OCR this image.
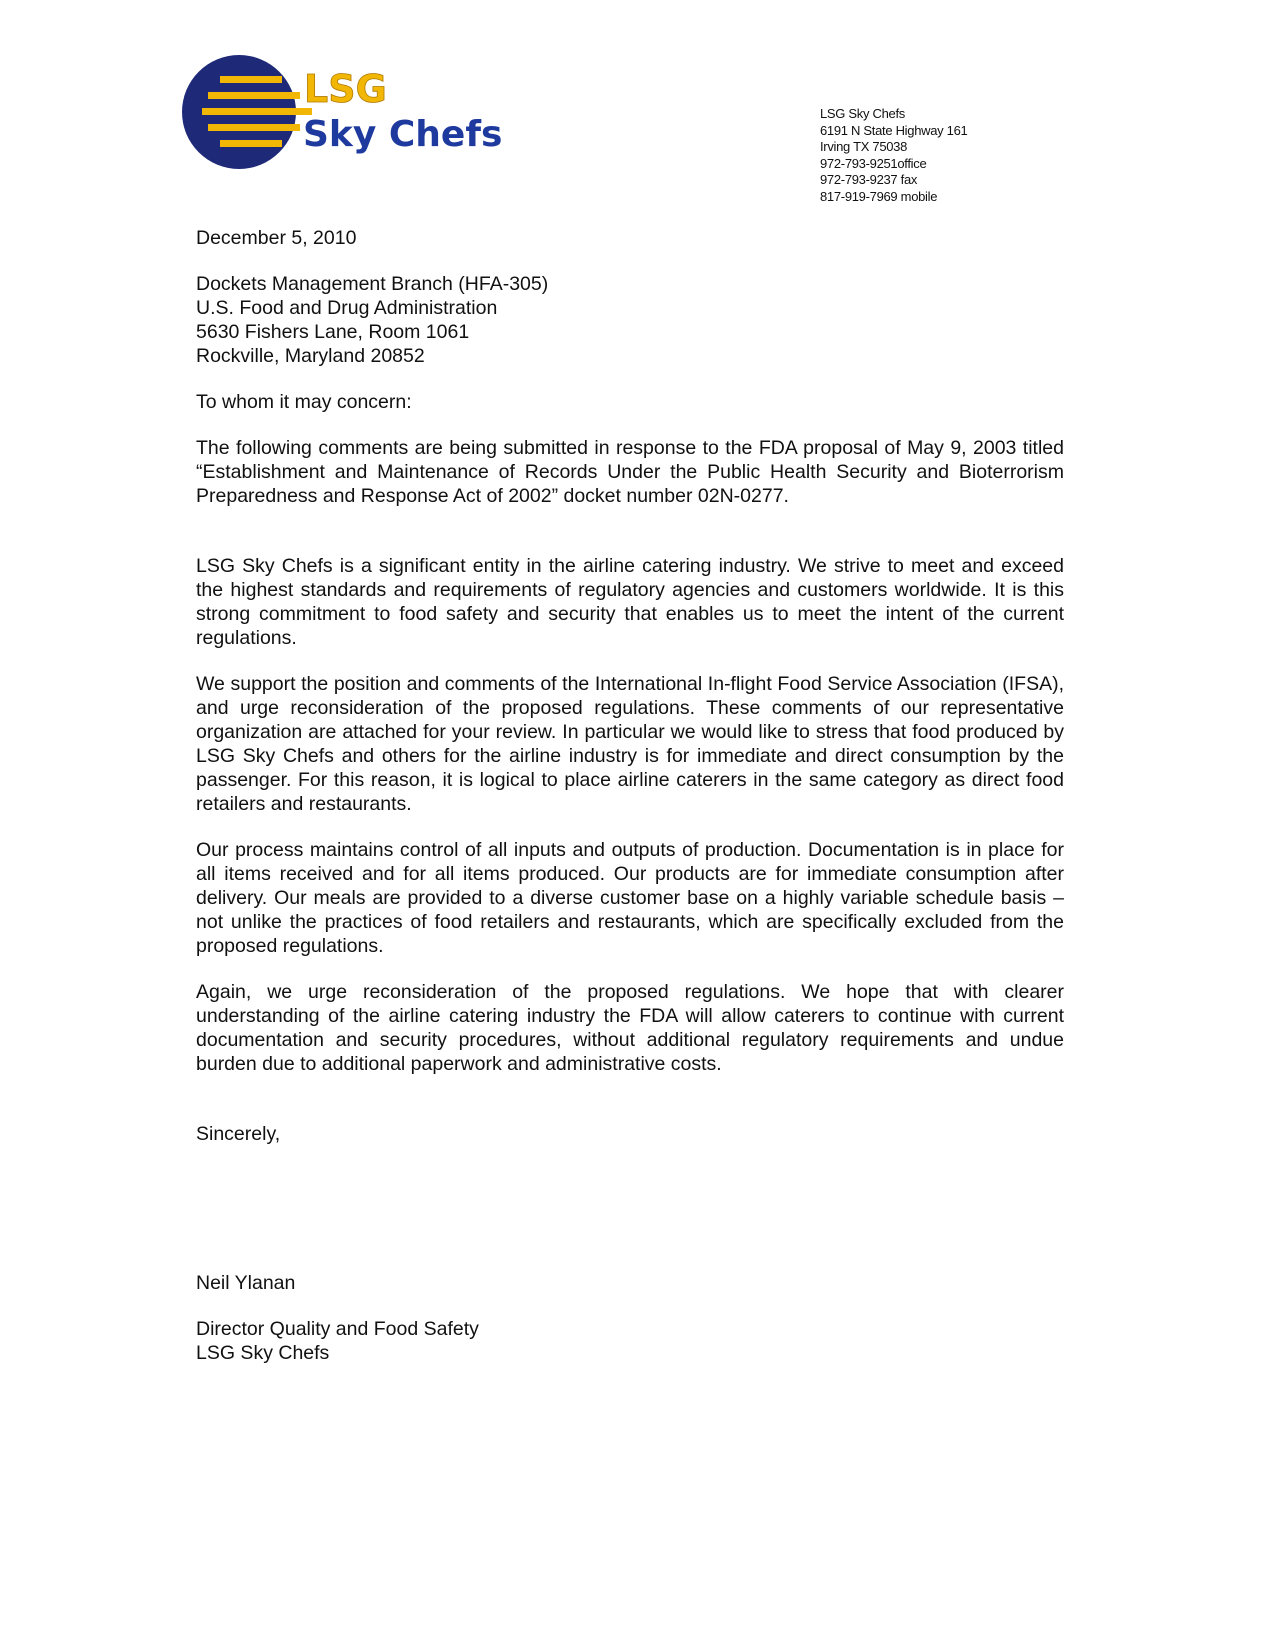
LSG
Sky Chefs
LSG Sky Chefs
6191 N State Highway 161
Irving TX 75038
972-793-9251office
972-793-9237 fax
817-919-7969 mobile
December 5, 2010
Dockets Management Branch (HFA-305)
U.S. Food and Drug Administration
5630 Fishers Lane, Room 1061
Rockville, Maryland 20852
To whom it may concern:

The following comments are being submitted in response to the FDA proposal of May 9, 2003 titled “Establishment and Maintenance of Records Under the Public Health Security and Bioterrorism Preparedness and Response Act of 2002” docket number 02N-0277.

LSG Sky Chefs is a significant entity in the airline catering industry. We strive to meet and exceed the highest standards and requirements of regulatory agencies and customers worldwide. It is this strong commitment to food safety and security that enables us to meet the intent of the current regulations.

We support the position and comments of the International In-flight Food Service Association (IFSA), and urge reconsideration of the proposed regulations. These comments of our representative organization are attached for your review. In particular we would like to stress that food produced by LSG Sky Chefs and others for the airline industry is for immediate and direct consumption by the passenger. For this reason, it is logical to place airline caterers in the same category as direct food retailers and restaurants.

Our process maintains control of all inputs and outputs of production. Documentation is in place for all items received and for all items produced. Our products are for immediate consumption after delivery. Our meals are provided to a diverse customer base on a highly variable schedule basis – not unlike the practices of food retailers and restaurants, which are specifically excluded from the proposed regulations.

Again, we urge reconsideration of the proposed regulations. We hope that with clearer understanding of the airline catering industry the FDA will allow caterers to continue with current documentation and security procedures, without additional regulatory requirements and undue burden due to additional paperwork and administrative costs.

Sincerely,
Neil Ylanan
Director Quality and Food Safety
LSG Sky Chefs
